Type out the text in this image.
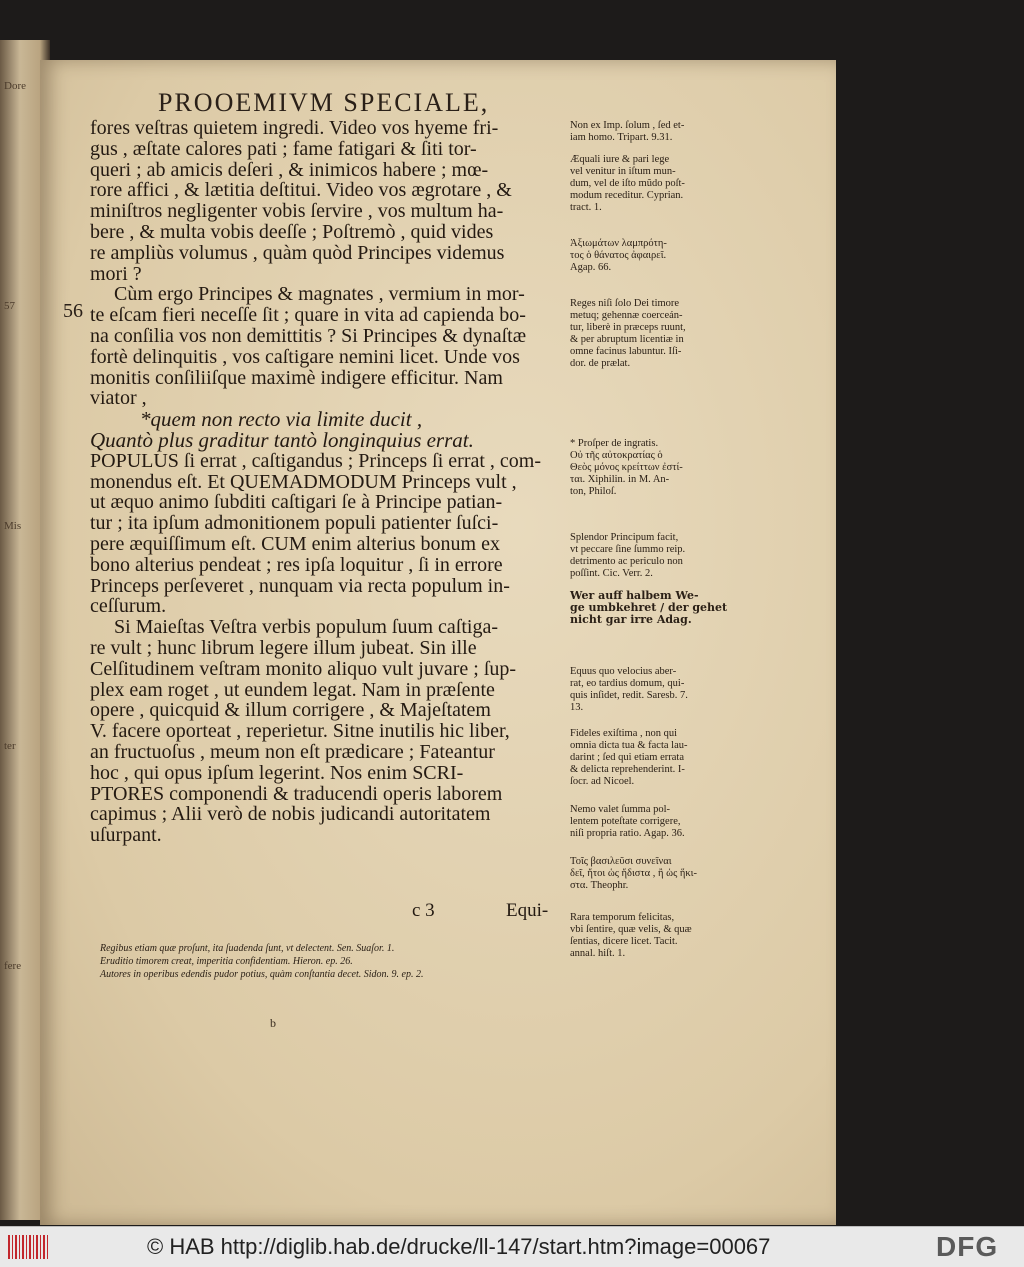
Dore
57
Mis
ter
fere
PROOEMIVM SPECIALE,
56
fores veſtras quietem ingredi. Video vos hyeme fri-
gus , æſtate calores pati ; fame fatigari & ſiti tor-
queri ; ab amicis deſeri , & inimicos habere ; mœ-
rore affici , & lætitia deſtitui. Video vos ægrotare , &
miniſtros negligenter vobis ſervire , vos multum ha-
bere , & multa vobis deeſſe ; Poſtremò , quid vides
re ampliùs volumus , quàm quòd Principes videmus
mori ?
Cùm ergo Principes & magnates , vermium in mor-
te eſcam fieri neceſſe ſit ; quare in vita ad capienda bo-
na conſilia vos non demittitis ? Si Principes & dynaſtæ
fortè delinquitis , vos caſtigare nemini licet. Unde vos
monitis conſiliiſque maximè indigere efficitur. Nam
viator ,
*quem non recto via limite ducit ,
Quantò plus graditur tantò longinquius errat.
POPULUS ſi errat , caſtigandus ; Princeps ſi errat , com-
monendus eſt. Et QUEMADMODUM Princeps vult ,
ut æquo animo ſubditi caſtigari ſe à Principe patian-
tur ; ita ipſum admonitionem populi patienter ſuſci-
pere æquiſſimum eſt. CUM enim alterius bonum ex
bono alterius pendeat ; res ipſa loquitur , ſi in errore
Princeps perſeveret , nunquam via recta populum in-
ceſſurum.
Si Maieſtas Veſtra verbis populum ſuum caſtiga-
re vult ; hunc librum legere illum jubeat. Sin ille
Celſitudinem veſtram monito aliquo vult juvare ; ſup-
plex eam roget , ut eundem legat. Nam in præſente
opere , quicquid & illum corrigere , & Majeſtatem
V. facere oporteat , reperietur. Sitne inutilis hic liber,
an fructuoſus , meum non eſt prædicare ; Fateantur
hoc , qui opus ipſum legerint. Nos enim SCRI-
PTORES componendi & traducendi operis laborem
capimus ; Alii verò de nobis judicandi autoritatem
uſurpant.
c 3	Equi-
Non ex Imp. ſolum , ſed et-
iam homo. Tripart. 9.31.
Æquali iure & pari lege
vel venitur in iſtum mun-
dum, vel de iſto mũdo poſt-
modum receditur. Cyprian.
tract. 1.
Ἀξιωμάτων λαμπρότη-
τος ὁ θάνατος ἀφαιρεῖ.
Agap. 66.
Reges niſi ſolo Dei timore
metuq; gehennæ coerceán-
tur, liberè in præceps ruunt,
& per abruptum licentiæ in
omne facinus labuntur. Iſi-
dor. de prælat.
* Proſper de ingratis.
Οὐ τῆς αὐτοκρατίας ὁ
Θεὸς μόνος κρείττων ἐστί-
ται. Xiphilin. in M. An-
ton, Philoſ.
Splendor Principum facit,
vt peccare ſine ſummo reip.
detrimento ac periculo non
poſſint. Cic. Verr. 2.
Wer auff halbem We-
ge umbkehret / der gehet
nicht gar irre Adag.
Equus quo velocius aber-
rat, eo tardius domum, qui-
quis inſidet, redit. Saresb. 7.
13.
Fideles exiſtima , non qui
omnia dicta tua & facta lau-
darint ; ſed qui etiam errata
& delicta reprehenderint. I-
ſocr. ad Nicoel.
Nemo valet ſumma pol-
lentem poteſtate corrigere,
niſi propria ratio. Agap. 36.
Τοῖς βασιλεῦσι συνεῖναι
δεῖ, ἤτοι ὡς ἥδιστα , ἢ ὡς ἥκι-
στα. Theophr.
Rara temporum felicitas,
vbi ſentire, quæ velis, & quæ
ſentias, dicere licet. Tacit.
annal. hiſt. 1.
Regibus etiam quæ proſunt, ita ſuadenda ſunt, vt delectent. Sen. Suaſor. 1.
Eruditio timorem creat, imperitia confidentiam. Hieron. ep. 26.
Autores in operibus edendis pudor potius, quàm conſtantia decet. Sidon. 9. ep. 2.
b
© HAB http://diglib.hab.de/drucke/ll-147/start.htm?image=00067	DFG
